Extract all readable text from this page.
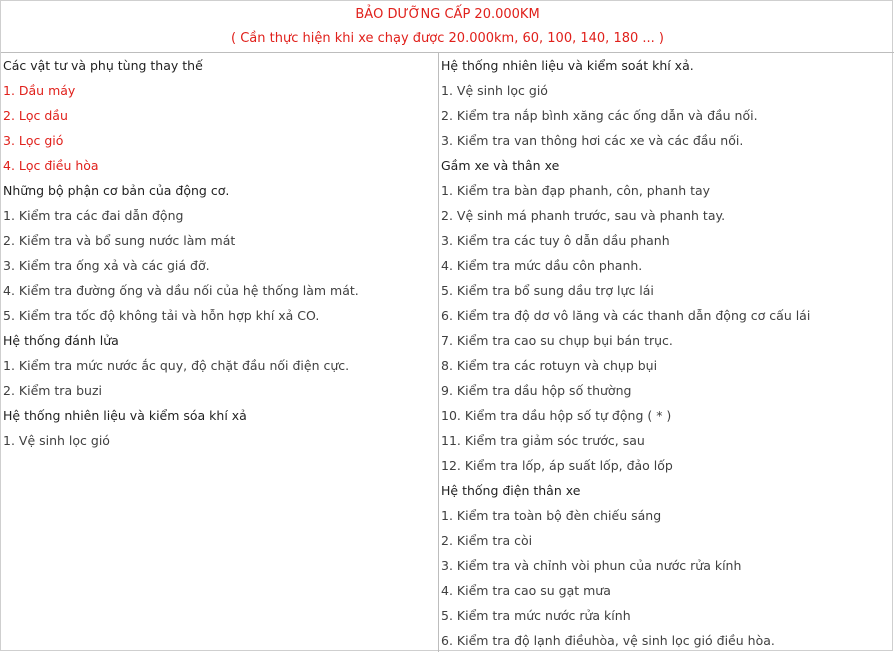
BẢO DƯỠNG CẤP 20.000KM
( Cần thực hiện khi xe chạy được 20.000km, 60, 100, 140, 180 ... )
Các vật tư và phụ tùng thay thế
1. Dầu máy
2. Lọc dầu
3. Lọc gió
4. Lọc điều hòa
Những bộ phận cơ bản của động cơ.
1. Kiểm tra các đai dẫn động
2. Kiểm tra và bổ sung nước làm mát
3. Kiểm tra ống xả và các giá đỡ.
4. Kiểm tra đường ống và dầu nối của hệ thống làm mát.
5. Kiểm tra tốc độ không tải và hỗn hợp khí xả CO.
Hệ thống đánh lửa
1. Kiểm tra mức nước ắc quy, độ chặt đầu nối điện cực.
2. Kiểm tra buzi
Hệ thống nhiên liệu và kiểm sóa khí xả
1. Vệ sinh lọc gió
Hệ thống nhiên liệu và kiểm soát khí xả.
1. Vệ sinh lọc gió
2. Kiểm tra nắp bình xăng các ống dẫn và đầu nối.
3. Kiểm tra van thông hơi các xe và các đầu nối.
Gầm xe và thân xe
1. Kiểm tra bàn đạp phanh, côn, phanh tay
2. Vệ sinh má phanh trước, sau và phanh tay.
3. Kiểm tra các tuy ô dẫn dầu phanh
4. Kiểm tra mức dầu côn phanh.
5. Kiểm tra bổ sung dầu trợ lực lái
6. Kiểm tra độ dơ vô lăng và các thanh dẫn động cơ cấu lái
7. Kiểm tra cao su chụp bụi bán trục.
8. Kiểm tra các rotuyn và chụp bụi
9. Kiểm tra dầu hộp số thường
10. Kiểm tra dầu hộp số tự động ( * )
11. Kiểm tra giảm sóc trước, sau
12. Kiểm tra lốp, áp suất lốp, đảo lốp
Hệ thống điện thân xe
1. Kiểm tra toàn bộ đèn chiếu sáng
2. Kiểm tra còi
3. Kiểm tra và chỉnh vòi phun của nước rửa kính
4. Kiểm tra cao su gạt mưa
5. Kiểm tra mức nước rửa kính
6. Kiểm tra độ lạnh điềuhòa, vệ sinh lọc gió điều hòa.
